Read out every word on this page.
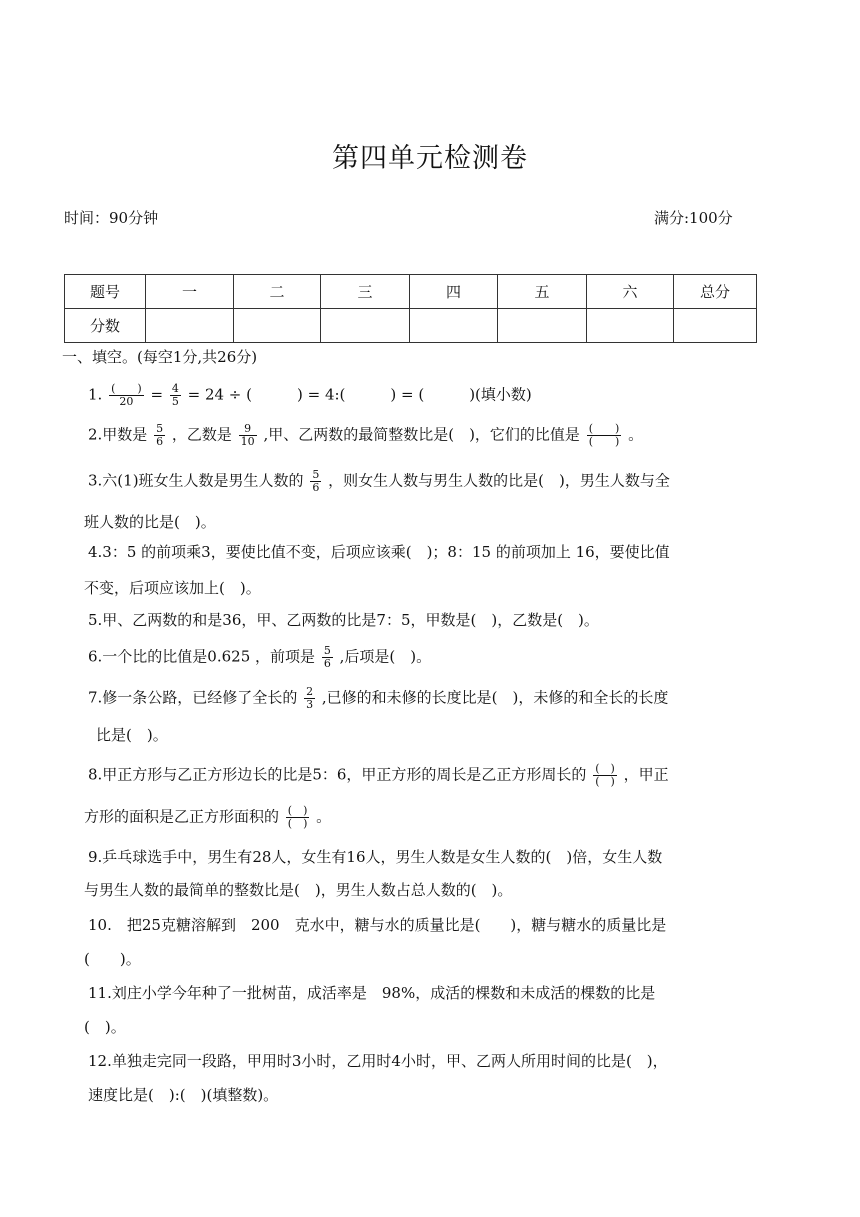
第四单元检测卷
时间：90分钟	满分:100分
题号	一	二	三	四	五	六	总分
分数							
一、填空。(每空1分,共26分)
1. $\frac{( )}{20} = \frac{4}{5} = 24$ ÷ (　　　) = 4:(　　　) = (　　　)(填小数)
2.甲数是 $\frac{5}{6}$ ，乙数是 $\frac{9}{10}$ ,甲、乙两数的最简整数比是(　)，它们的比值是 $\frac{( )}{( )}$ 。
3.六(1)班女生人数是男生人数的 $\frac{5}{6}$ ，则女生人数与男生人数的比是(　)，男生人数与全
班人数的比是(　)。
4.3：5 的前项乘3，要使比值不变，后项应该乘(　)；8：15 的前项加上 16，要使比值
不变，后项应该加上(　)。
5.甲、乙两数的和是36，甲、乙两数的比是7：5，甲数是(　)，乙数是(　)。
6.一个比的比值是0.625 ，前项是 $\frac{5}{6}$ ,后项是(　)。
7.修一条公路，已经修了全长的 $\frac{2}{3}$ ,已修的和未修的长度比是(　)，未修的和全长的长度
比是(　)。
8.甲正方形与乙正方形边长的比是5：6，甲正方形的周长是乙正方形周长的 $\frac{( )}{( )}$ ，甲正
方形的面积是乙正方形面积的 $\frac{( )}{( )}$ 。
9.乒乓球选手中，男生有28人，女生有16人，男生人数是女生人数的(　)倍，女生人数
与男生人数的最简单的整数比是(　)，男生人数占总人数的(　)。
10.　把25克糖溶解到　200　克水中，糖与水的质量比是(　　)，糖与糖水的质量比是
(　　)。
11.刘庄小学今年种了一批树苗，成活率是　98%，成活的棵数和未成活的棵数的比是
(　)。
12.单独走完同一段路，甲用时3小时，乙用时4小时，甲、乙两人所用时间的比是(　)，
速度比是(　):(　)(填整数)。
